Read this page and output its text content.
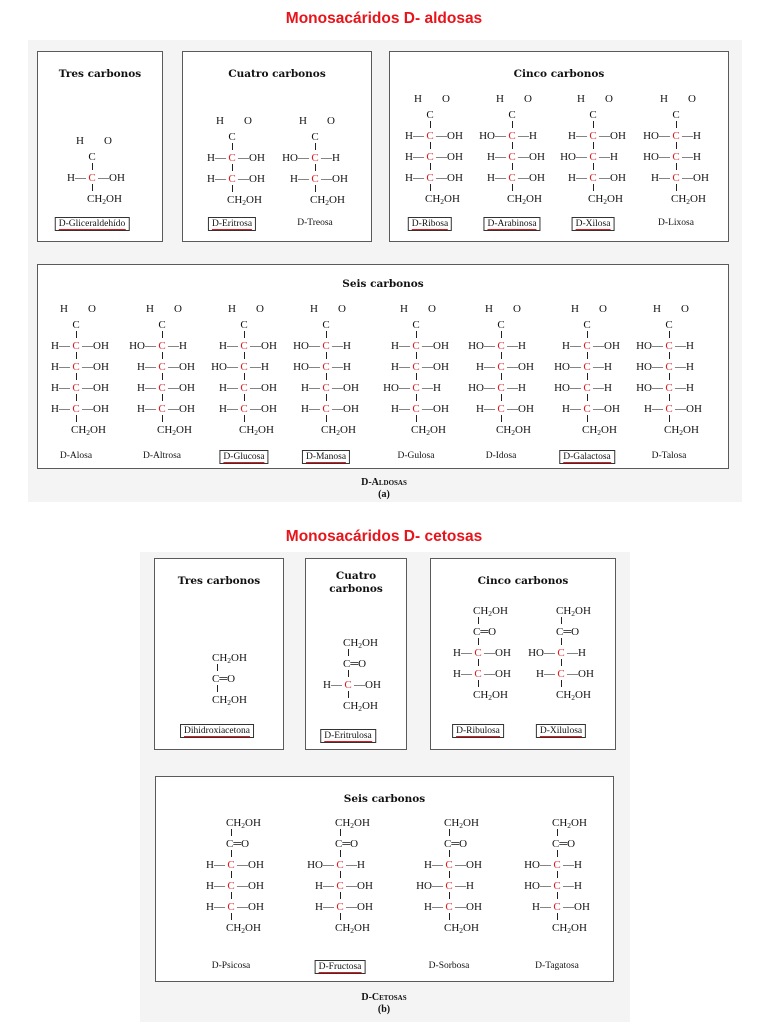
Monosacáridos D- aldosas
Monosacáridos D- cetosas
Tres carbonos	Cuatro carbonos	Cinco carbonos
Seis carbonos
D-Aldosas
(a)
Tres carbonos	Cuatro carbonos
Cinco carbonos
Seis carbonos
D-Cetosas
(b)
H O
C
H— C —OH
$CH_2OH$
D-Gliceraldehído
H O
C
H— C —OH
H— C —OH
$CH_2OH$
D-Eritrosa
H O
C
HO— C —H
H— C —OH
$CH_2OH$
D-Treosa
H O
C
H— C —OH
H— C —OH
H— C —OH
$CH_2OH$
D-Ribosa
H O
C
HO— C —H
H— C —OH
H— C —OH
$CH_2OH$
D-Arabinosa
H O
C
H— C —OH
HO— C —H
H— C —OH
$CH_2OH$
D-Xilosa
H O
C
HO— C —H
HO— C —H
H— C —OH
$CH_2OH$
D-Lixosa
H O
C
H— C —OH
H— C —OH
H— C —OH
H— C —OH
$CH_2OH$
D-Alosa
H O
C
HO— C —H
H— C —OH
H— C —OH
H— C —OH
$CH_2OH$
D-Altrosa
H O
C
H— C —OH
HO— C —H
H— C —OH
H— C —OH
$CH_2OH$
D-Glucosa
H O
C
HO— C —H
HO— C —H
H— C —OH
H— C —OH
$CH_2OH$
D-Manosa
H O
C
H— C —OH
H— C —OH
HO— C —H
H— C —OH
$CH_2OH$
D-Gulosa
H O
C
HO— C —H
H— C —OH
HO— C —H
H— C —OH
$CH_2OH$
D-Idosa
H O
C
H— C —OH
HO— C —H
HO— C —H
H— C —OH
$CH_2OH$
D-Galactosa
H O
C
HO— C —H
HO— C —H
HO— C —H
H— C —OH
$CH_2OH$
D-Talosa
$CH_2OH$
C═O
$CH_2OH$
Dihidroxiacetona
$CH_2OH$
C═O
H— C —OH
$CH_2OH$
D-Eritrulosa
$CH_2OH$
C═O
H— C —OH
H— C —OH
$CH_2OH$
D-Ribulosa
$CH_2OH$
C═O
HO— C —H
H— C —OH
$CH_2OH$
D-Xilulosa
$CH_2OH$
C═O
H— C —OH
H— C —OH
H— C —OH
$CH_2OH$
D-Psicosa
$CH_2OH$
C═O
HO— C —H
H— C —OH
H— C —OH
$CH_2OH$
D-Fructosa
$CH_2OH$
C═O
H— C —OH
HO— C —H
H— C —OH
$CH_2OH$
D-Sorbosa
$CH_2OH$
C═O
HO— C —H
HO— C —H
H— C —OH
$CH_2OH$
D-Tagatosa
